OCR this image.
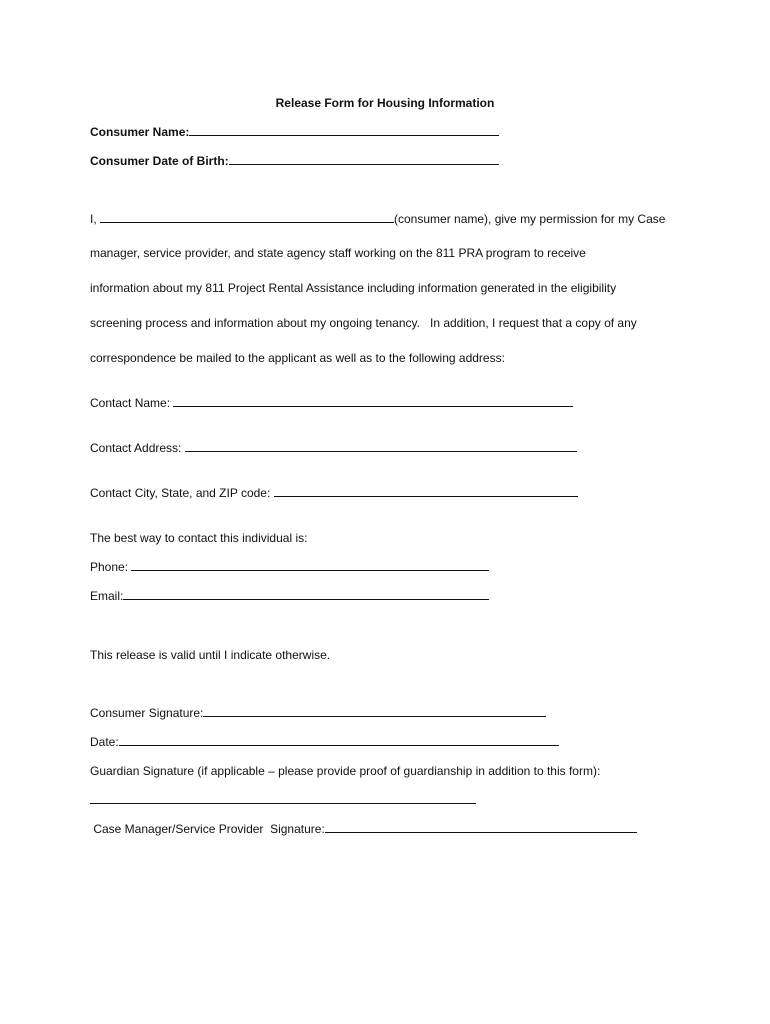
Release Form for Housing Information
Consumer Name:
Consumer Date of Birth:
I,	(consumer name), give my permission for my Case
manager, service provider, and state agency staff working on the 811 PRA program to receive
information about my 811 Project Rental Assistance including information generated in the eligibility
screening process and information about my ongoing tenancy.   In addition, I request that a copy of any
correspondence be mailed to the applicant as well as to the following address:
Contact Name:
Contact Address:
Contact City, State, and ZIP code:
The best way to contact this individual is:
Phone:
Email:
This release is valid until I indicate otherwise.
Consumer Signature:
Date:
Guardian Signature (if applicable – please provide proof of guardianship in addition to this form):
Case Manager/Service Provider  Signature:
